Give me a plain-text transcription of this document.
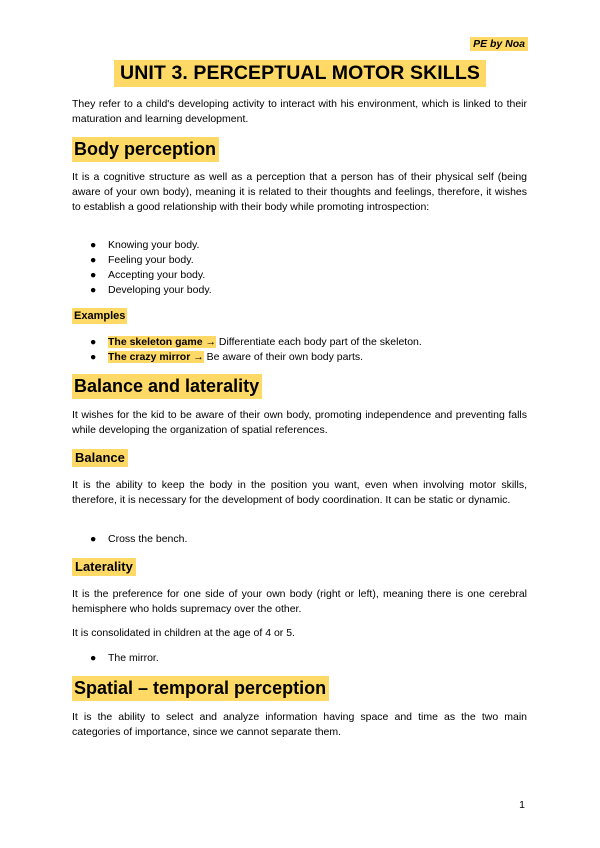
PE by Noa
UNIT 3. PERCEPTUAL MOTOR SKILLS

They refer to a child's developing activity to interact with his environment, which is linked to their maturation and learning development.

Body perception

It is a cognitive structure as well as a perception that a person has of their physical self (being aware of your own body), meaning it is related to their thoughts and feelings, therefore, it wishes to establish a good relationship with their body while promoting introspection:

● Knowing your body.
● Feeling your body.
● Accepting your body.
● Developing your body.
Examples
● The skeleton game → Differentiate each body part of the skeleton.
● The crazy mirror → Be aware of their own body parts.
Balance and laterality

It wishes for the kid to be aware of their own body, promoting independence and preventing falls while developing the organization of spatial references.

Balance

It is the ability to keep the body in the position you want, even when involving motor skills, therefore, it is necessary for the development of body coordination. It can be static or dynamic.

● Cross the bench.
Laterality

It is the preference for one side of your own body (right or left), meaning there is one cerebral hemisphere who holds supremacy over the other.

It is consolidated in children at the age of 4 or 5.

● The mirror.
Spatial – temporal perception

It is the ability to select and analyze information having space and time as the two main categories of importance, since we cannot separate them.

1
